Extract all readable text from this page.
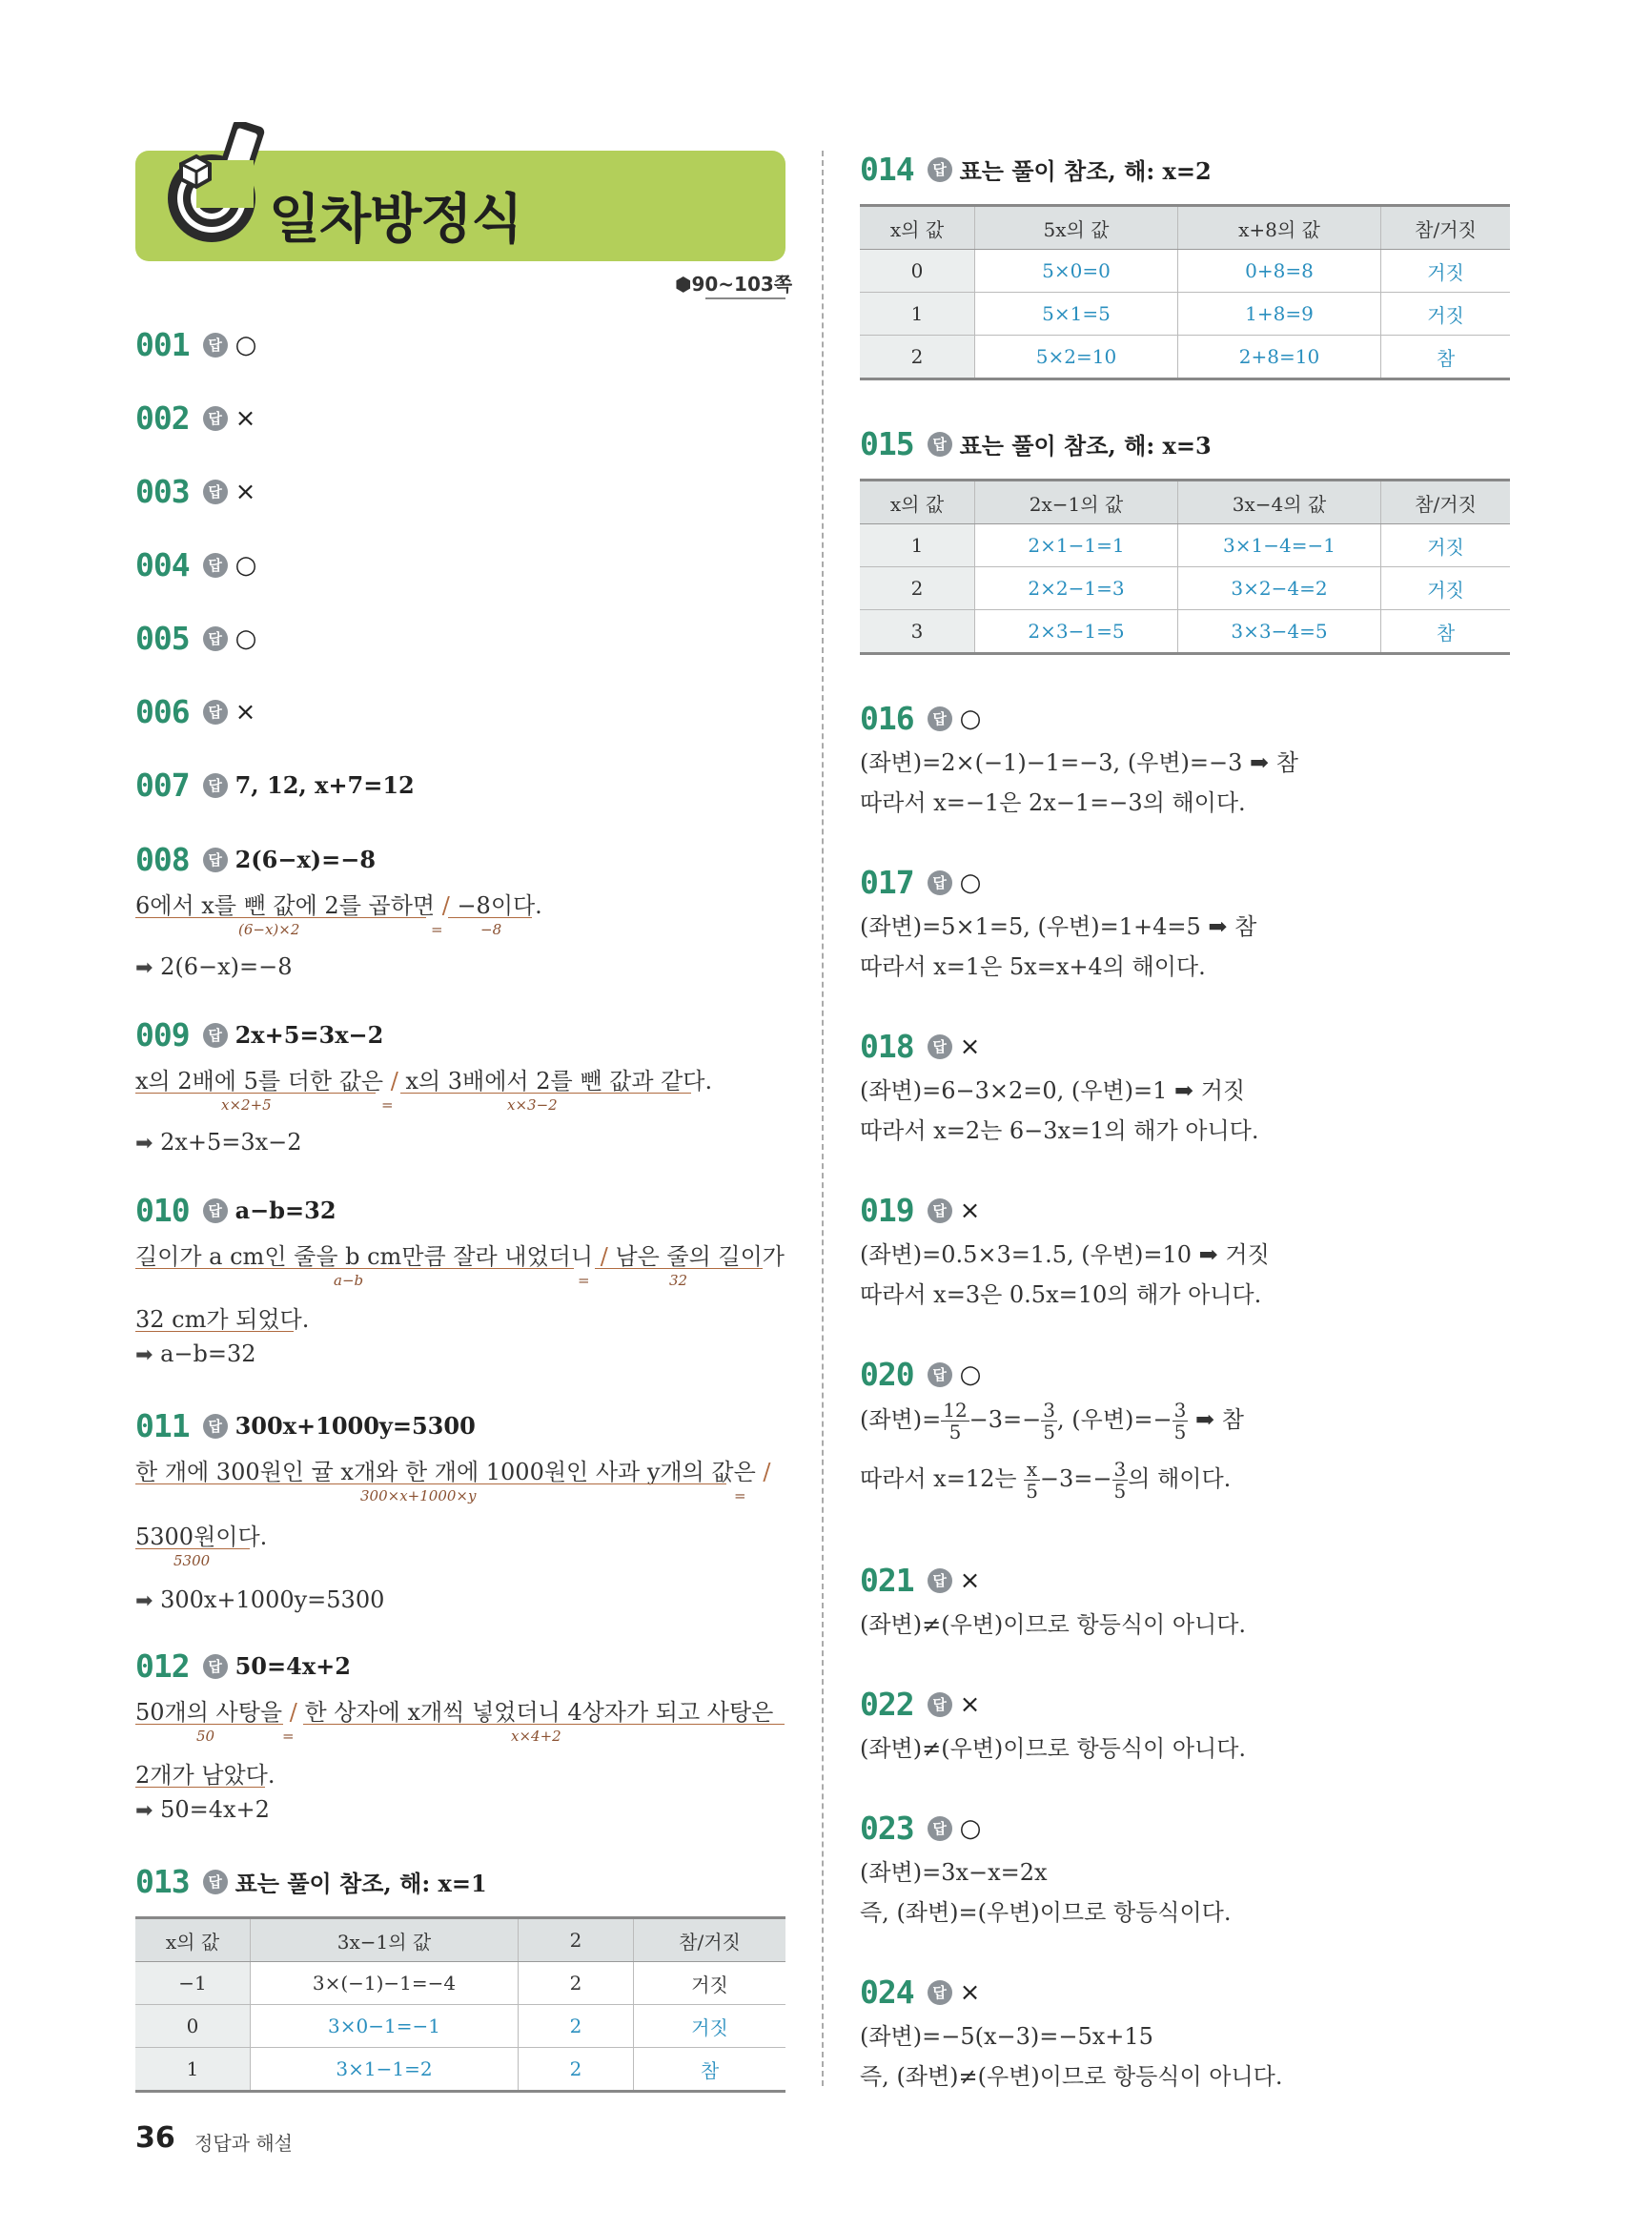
일차방정식
⬢90~103쪽
001 답 ○
002 답 ×
003 답 ×
004 답 ○
005 답 ○
006 답 ×
007 답 7, 12, x+7=12
008 답 2(6−x)=−8
6에서 x를 뺀 값에 2를 곱하면 / −8이다.
(6−x)×2	=	−8
➡ 2(6−x)=−8
009 답 2x+5=3x−2
x의 2배에 5를 더한 값은 / x의 3배에서 2를 뺀 값과 같다.
x×2+5	=	x×3−2
➡ 2x+5=3x−2
010 답 a−b=32
길이가 a cm인 줄을 b cm만큼 잘라 내었더니 / 남은 줄의 길이가
a−b	=	32
32 cm가 되었다.
➡ a−b=32
011 답 300x+1000y=5300
한 개에 300원인 귤 x개와 한 개에 1000원인 사과 y개의 값은 /
300×x+1000×y	=
5300원이다.
5300
➡ 300x+1000y=5300
012 답 50=4x+2
50개의 사탕을 / 한 상자에 x개씩 넣었더니 4상자가 되고 사탕은
50	=	x×4+2
2개가 남았다.
➡ 50=4x+2
013 답 표는 풀이 참조, 해: x=1
x의 값	3x−1의 값	2	참/거짓
−1	3×(−1)−1=−4	2	거짓
0	3×0−1=−1	2	거짓
1	3×1−1=2	2	참
014 답 표는 풀이 참조, 해: x=2
x의 값	5x의 값	x+8의 값	참/거짓
0	5×0=0	0+8=8	거짓
1	5×1=5	1+8=9	거짓
2	5×2=10	2+8=10	참
015 답 표는 풀이 참조, 해: x=3
x의 값	2x−1의 값	3x−4의 값	참/거짓
1	2×1−1=1	3×1−4=−1	거짓
2	2×2−1=3	3×2−4=2	거짓
3	2×3−1=5	3×3−4=5	참
016 답 ○
(좌변)=2×(−1)−1=−3, (우변)=−3 ➡ 참
따라서 x=−1은 2x−1=−3의 해이다.
017 답 ○
(좌변)=5×1=5, (우변)=1+4=5 ➡ 참
따라서 x=1은 5x=x+4의 해이다.
018 답 ×
(좌변)=6−3×2=0, (우변)=1 ➡ 거짓
따라서 x=2는 6−3x=1의 해가 아니다.
019 답 ×
(좌변)=0.5×3=1.5, (우변)=10 ➡ 거짓
따라서 x=3은 0.5x=10의 해가 아니다.
020 답 ○
(좌변)= $\frac{12}{5} -3=- \frac{3}{5}$ , (우변)=− $\frac{3}{5}$ ➡ 참
따라서 x=12는 $\frac{x}{5} -3=- \frac{3}{5}$ 의 해이다.
021 답 ×
(좌변)≠(우변)이므로 항등식이 아니다.
022 답 ×
(좌변)≠(우변)이므로 항등식이 아니다.
023 답 ○
(좌변)=3x−x=2x
즉, (좌변)=(우변)이므로 항등식이다.
024 답 ×
(좌변)=−5(x−3)=−5x+15
즉, (좌변)≠(우변)이므로 항등식이 아니다.
36 정답과 해설
